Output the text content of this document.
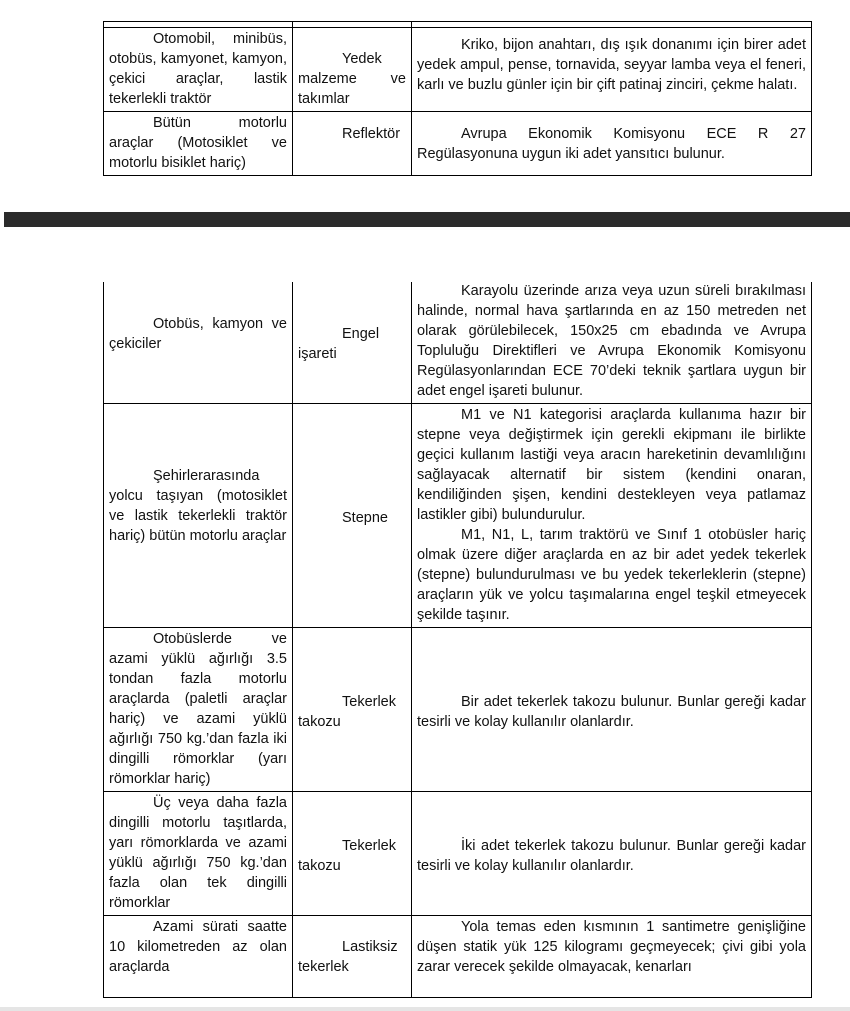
Otomobil, minibüs, otobüs, kamyonet, kamyon, çekici araçlar, lastik tekerlekli traktör	Yedek malzeme ve takımlar	Kriko, bijon anahtarı, dış ışık donanımı için birer adet yedek ampul, pense, tornavida, seyyar lamba veya el feneri, karlı ve buzlu günler için bir çift patinaj zinciri, çekme halatı.
Bütün motorlu araçlar (Motosiklet ve motorlu bisiklet hariç)	Reflektör	Avrupa Ekonomik Komisyonu ECE R 27 Regülasyonuna uygun iki adet yansıtıcı bulunur.
Otobüs, kamyon ve çekiciler	Engel işareti	Karayolu üzerinde arıza veya uzun süreli bırakılması halinde, normal hava şartlarında en az 150 metreden net olarak görülebilecek, 150x25 cm ebadında ve Avrupa Topluluğu Direktifleri ve Avrupa Ekonomik Komisyonu Regülasyonlarından ECE 70’deki teknik şartlara uygun bir adet engel işareti bulunur.
Şehirlerarasında yolcu taşıyan (motosiklet ve lastik tekerlekli traktör hariç) bütün motorlu araçlar	Stepne	M1 ve N1 kategorisi araçlarda kullanıma hazır bir stepne veya değiştirmek için gerekli ekipmanı ile birlikte geçici kullanım lastiği veya aracın hareketinin devamlılığını sağlayacak alternatif bir sistem (kendini onaran, kendiliğinden şişen, kendini destekleyen veya patlamaz lastikler gibi) bulundurulur.
M1, N1, L, tarım traktörü ve Sınıf 1 otobüsler hariç olmak üzere diğer araçlarda en az bir adet yedek tekerlek (stepne) bulundurulması ve bu yedek tekerleklerin (stepne) araçların yük ve yolcu taşımalarına engel teşkil etmeyecek şekilde taşınır.

Otobüslerde ve azami yüklü ağırlığı 3.5 tondan fazla motorlu araçlarda (paletli araçlar hariç) ve azami yüklü ağırlığı 750 kg.’dan fazla iki dingilli römorklar (yarı römorklar hariç)	Tekerlek takozu	Bir adet tekerlek takozu bulunur. Bunlar gereği kadar tesirli ve kolay kullanılır olanlardır.
Üç veya daha fazla dingilli motorlu taşıtlarda, yarı römorklarda ve azami yüklü ağırlığı 750 kg.’dan fazla olan tek dingilli römorklar	Tekerlek takozu	İki adet tekerlek takozu bulunur. Bunlar gereği kadar tesirli ve kolay kullanılır olanlardır.
Azami sürati saatte 10 kilometreden az olan araçlarda	Lastiksiz tekerlek	Yola temas eden kısmının 1 santimetre genişliğine düşen statik yük 125 kilogramı geçmeyecek; çivi gibi yola zarar verecek şekilde olmayacak, kenarları
